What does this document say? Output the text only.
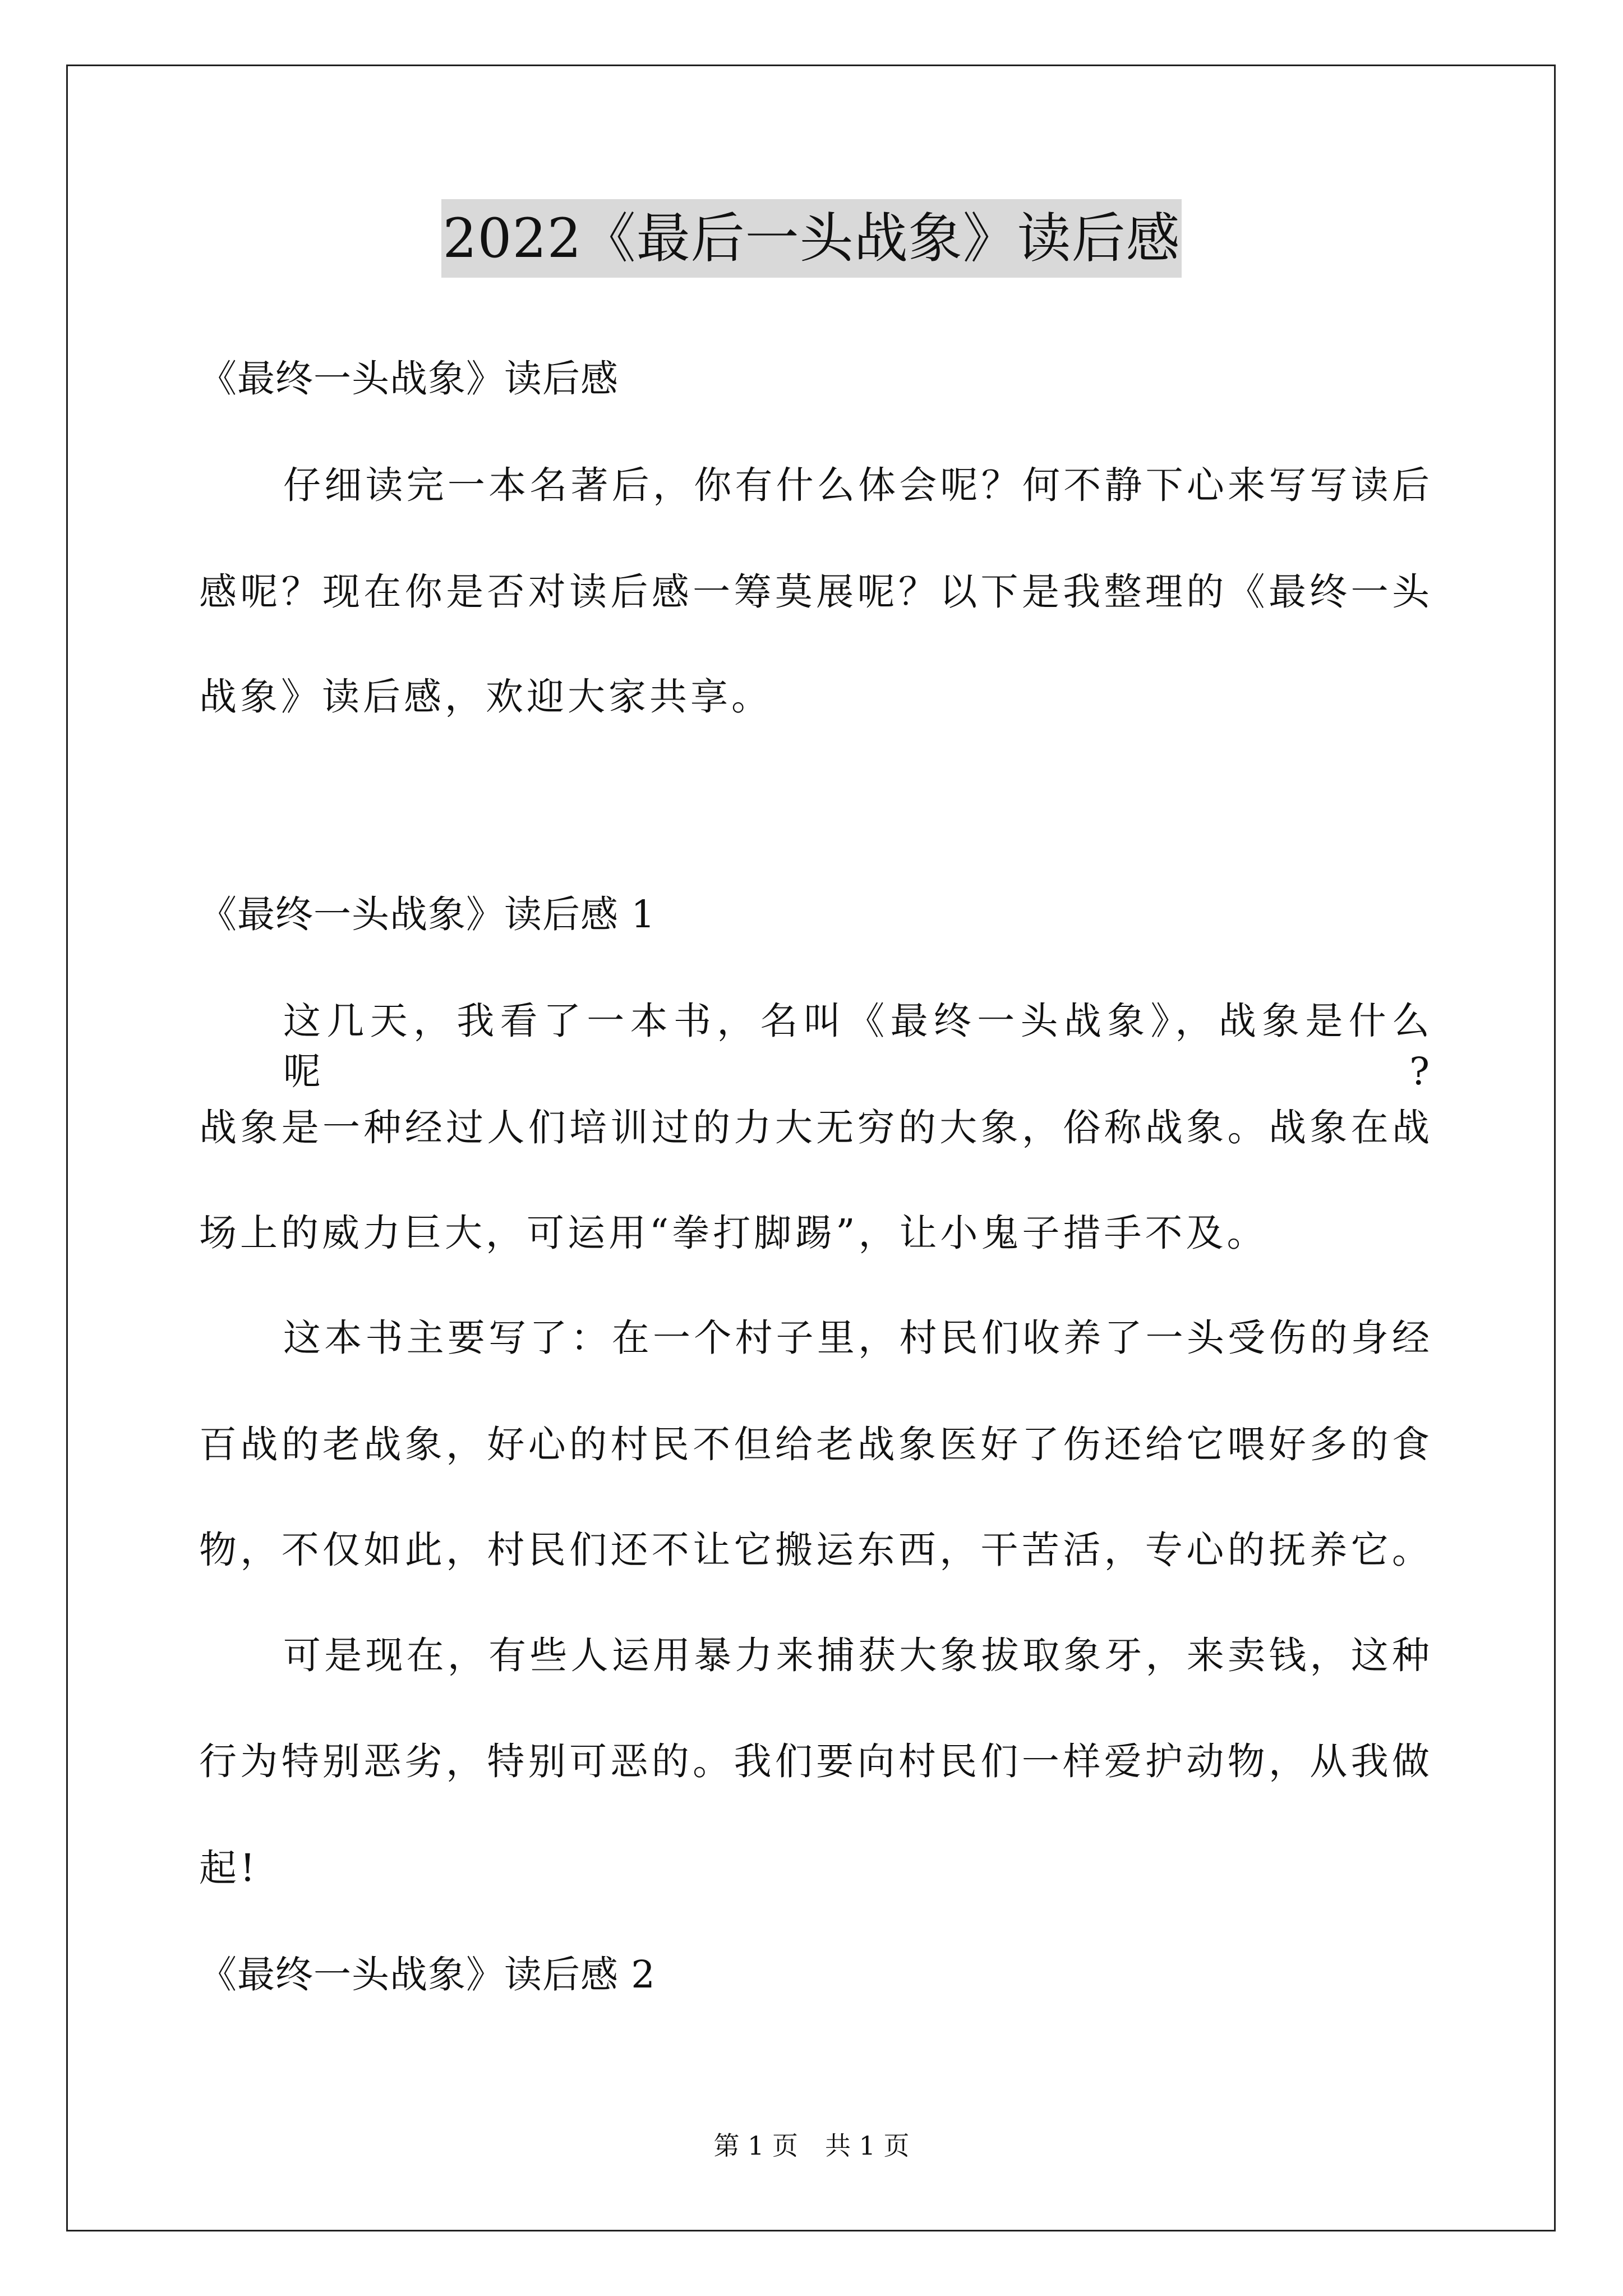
2022《最后一头战象》读后感
《最终一头战象》读后感
仔细读完一本名著后，你有什么体会呢？何不静下心来写写读后
感呢？现在你是否对读后感一筹莫展呢？以下是我整理的《最终一头
战象》读后感，欢迎大家共享。
《最终一头战象》读后感 1
这几天，我看了一本书，名叫《最终一头战象》，战象是什么呢?
战象是一种经过人们培训过的力大无穷的大象，俗称战象。战象在战
场上的威力巨大，可运用“拳打脚踢”，让小鬼子措手不及。
这本书主要写了：在一个村子里，村民们收养了一头受伤的身经
百战的老战象，好心的村民不但给老战象医好了伤还给它喂好多的食
物，不仅如此，村民们还不让它搬运东西，干苦活，专心的抚养它。
可是现在，有些人运用暴力来捕获大象拔取象牙，来卖钱，这种
行为特别恶劣，特别可恶的。我们要向村民们一样爱护动物，从我做
起!
《最终一头战象》读后感 2
第 1 页 共 1 页
